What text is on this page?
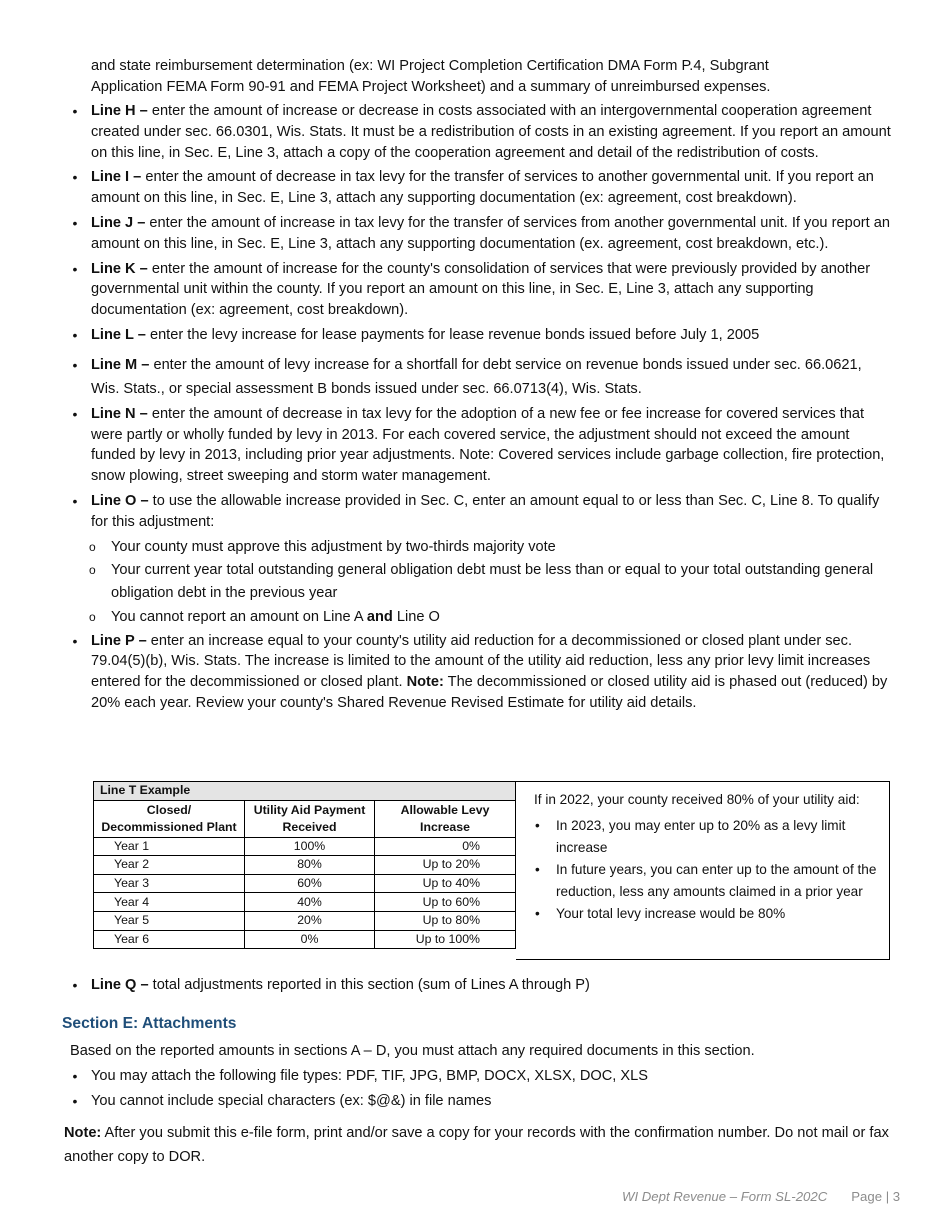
and state reimbursement determination (ex: WI Project Completion Certification DMA Form P.4, Subgrant
Application FEMA Form 90-91 and FEMA Project Worksheet) and a summary of unreimbursed expenses.
•
Line H – enter the amount of increase or decrease in costs associated with an intergovernmental cooperation agreement created under sec. 66.0301, Wis. Stats. It must be a redistribution of costs in an existing agreement. If you report an amount on this line, in Sec. E, Line 3, attach a copy of the cooperation agreement and detail of the redistribution of costs.
•
Line I – enter the amount of decrease in tax levy for the transfer of services to another governmental unit. If you report an amount on this line, in Sec. E, Line 3, attach any supporting documentation (ex: agreement, cost breakdown).
•
Line J – enter the amount of increase in tax levy for the transfer of services from another governmental unit. If you report an amount on this line, in Sec. E, Line 3, attach any supporting documentation (ex. agreement, cost breakdown, etc.).
•
Line K – enter the amount of increase for the county's consolidation of services that were previously provided by another governmental unit within the county. If you report an amount on this line, in Sec. E, Line 3, attach any supporting documentation (ex: agreement, cost breakdown).
•
Line L – enter the levy increase for lease payments for lease revenue bonds issued before July 1, 2005
•
Line M – enter the amount of levy increase for a shortfall for debt service on revenue bonds issued under sec. 66.0621, Wis. Stats., or special assessment B bonds issued under sec. 66.0713(4), Wis. Stats.
•
Line N – enter the amount of decrease in tax levy for the adoption of a new fee or fee increase for covered services that were partly or wholly funded by levy in 2013. For each covered service, the adjustment should not exceed the amount funded by levy in 2013, including prior year adjustments. Note: Covered services include garbage collection, fire protection, snow plowing, street sweeping and storm water management.
•
Line O – to use the allowable increase provided in Sec. C, enter an amount equal to or less than Sec. C, Line 8. To qualify for this adjustment:
o
Your county must approve this adjustment by two-thirds majority vote
o
Your current year total outstanding general obligation debt must be less than or equal to your total outstanding general obligation debt in the previous year
o
You cannot report an amount on Line A and Line O
•
Line P – enter an increase equal to your county's utility aid reduction for a decommissioned or closed plant under sec. 79.04(5)(b), Wis. Stats. The increase is limited to the amount of the utility aid reduction, less any prior levy limit increases entered for the decommissioned or closed plant. Note: The decommissioned or closed utility aid is phased out (reduced) by 20% each year. Review your county's Shared Revenue Revised Estimate for utility aid details.
Line T Example		
Closed/ Decommissioned Plant	Utility Aid Payment Received	Allowable Levy Increase
Year 1	100%	0%
Year 2	80%	Up to 20%
Year 3	60%	Up to 40%
Year 4	40%	Up to 60%
Year 5	20%	Up to 80%
Year 6	0%	Up to 100%

If in 2022, your county received 80% of your utility aid:

• In 2023, you may enter up to 20% as a levy limit increase
• In future years, you can enter up to the amount of the reduction, less any amounts claimed in a prior year
• Your total levy increase would be 80%
•
Line Q – total adjustments reported in this section (sum of Lines A through P)
Section E: Attachments
Based on the reported amounts in sections A – D, you must attach any required documents in this section.
•
You may attach the following file types: PDF, TIF, JPG, BMP, DOCX, XLSX, DOC, XLS
•
You cannot include special characters (ex: $@&) in file names
Note: After you submit this e-file form, print and/or save a copy for your records with the confirmation number. Do not mail or fax another copy to DOR.
WI Dept Revenue – Form SL-202C Page | 3
